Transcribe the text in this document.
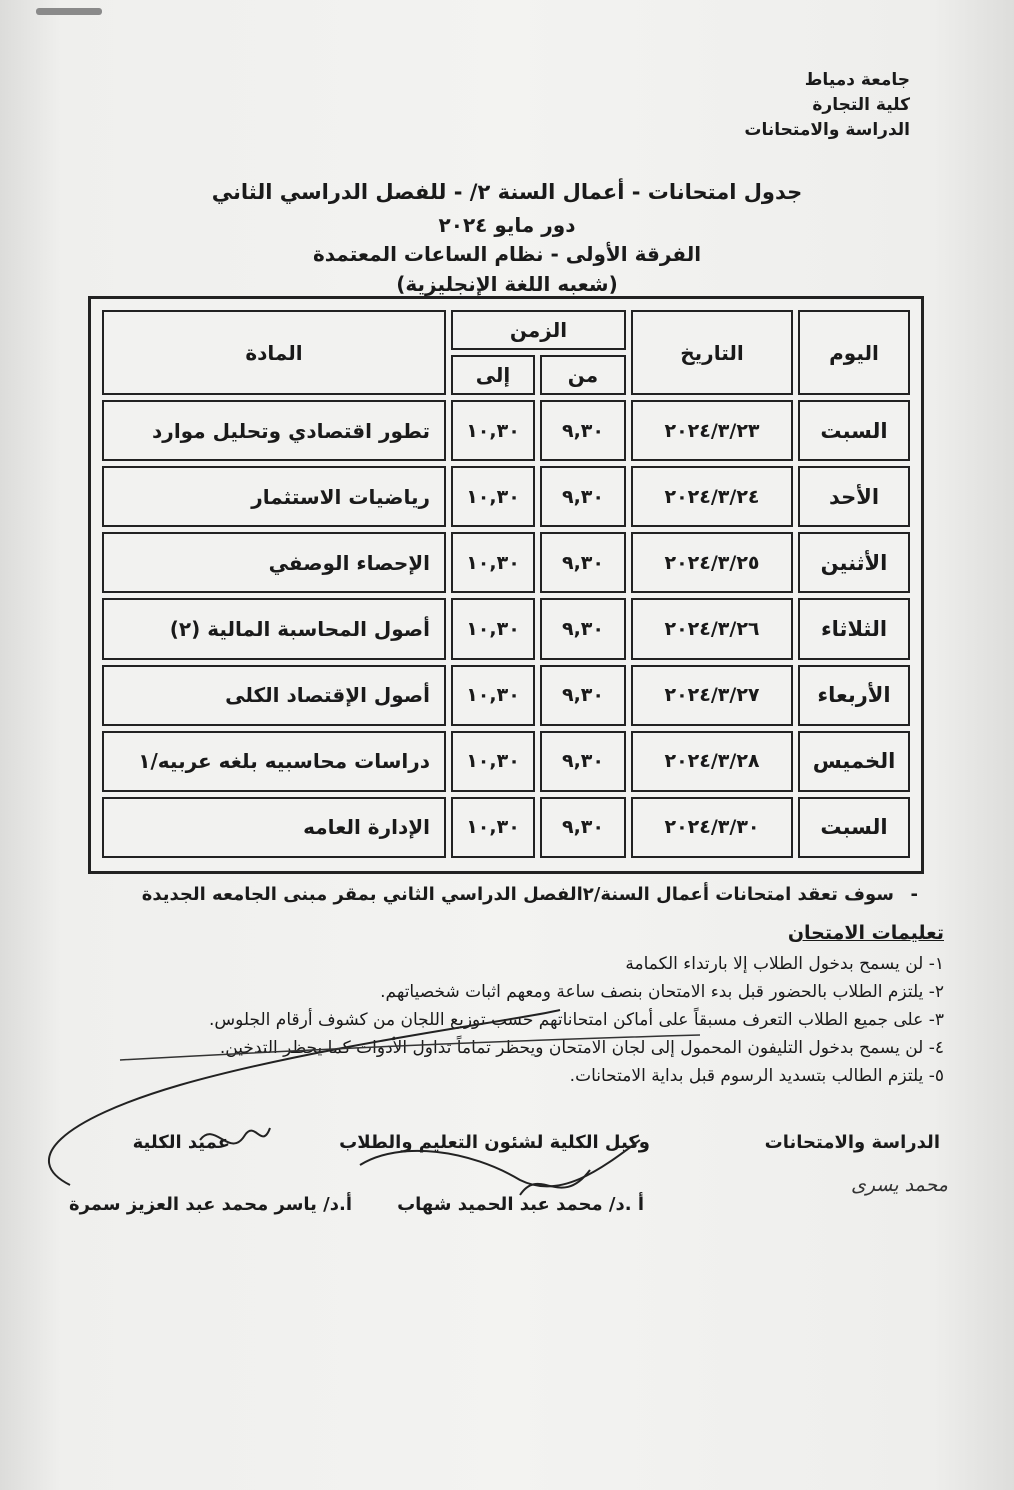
جامعة دمياط
كلية التجارة
الدراسة والامتحانات
جدول امتحانات - أعمال السنة ٢/ - للفصل الدراسي الثاني
دور مايو ٢٠٢٤
الفرقة الأولى - نظام الساعات المعتمدة
(شعبه اللغة الإنجليزية)
اليوم	التاريخ	الزمن		المادة
		من	إلى	
السبت	٢٠٢٤/٣/٢٣	٩,٣٠	١٠,٣٠	تطور اقتصادي وتحليل موارد
الأحد	٢٠٢٤/٣/٢٤	٩,٣٠	١٠,٣٠	رياضيات الاستثمار
الأثنين	٢٠٢٤/٣/٢٥	٩,٣٠	١٠,٣٠	الإحصاء الوصفي
الثلاثاء	٢٠٢٤/٣/٢٦	٩,٣٠	١٠,٣٠	أصول المحاسبة المالية (٢)
الأربعاء	٢٠٢٤/٣/٢٧	٩,٣٠	١٠,٣٠	أصول الإقتصاد الكلى
الخميس	٢٠٢٤/٣/٢٨	٩,٣٠	١٠,٣٠	دراسات محاسبيه بلغه عربيه/١
السبت	٢٠٢٤/٣/٣٠	٩,٣٠	١٠,٣٠	الإدارة العامه
-
سوف تعقد امتحانات أعمال السنة/٢الفصل الدراسي الثاني بمقر مبنى الجامعه الجديدة
تعليمات الامتحان
١- لن يسمح بدخول الطلاب إلا بارتداء الكمامة
٢- يلتزم الطلاب بالحضور قبل بدء الامتحان بنصف ساعة ومعهم اثبات شخصياتهم.
٣- على جميع الطلاب التعرف مسبقاً على أماكن امتحاناتهم حسب توزيع اللجان من كشوف أرقام الجلوس.
٤- لن يسمح بدخول التليفون المحمول إلى لجان الامتحان ويحظر تماماً تداول الأدوات كما يحظر التدخين.
٥- يلتزم الطالب بتسديد الرسوم قبل بداية الامتحانات.
الدراسة والامتحانات
وكيل الكلية لشئون التعليم والطلاب
عميد الكلية
محمد يسرى
أ .د/ محمد عبد الحميد شهاب
أ.د/ ياسر محمد عبد العزيز سمرة
